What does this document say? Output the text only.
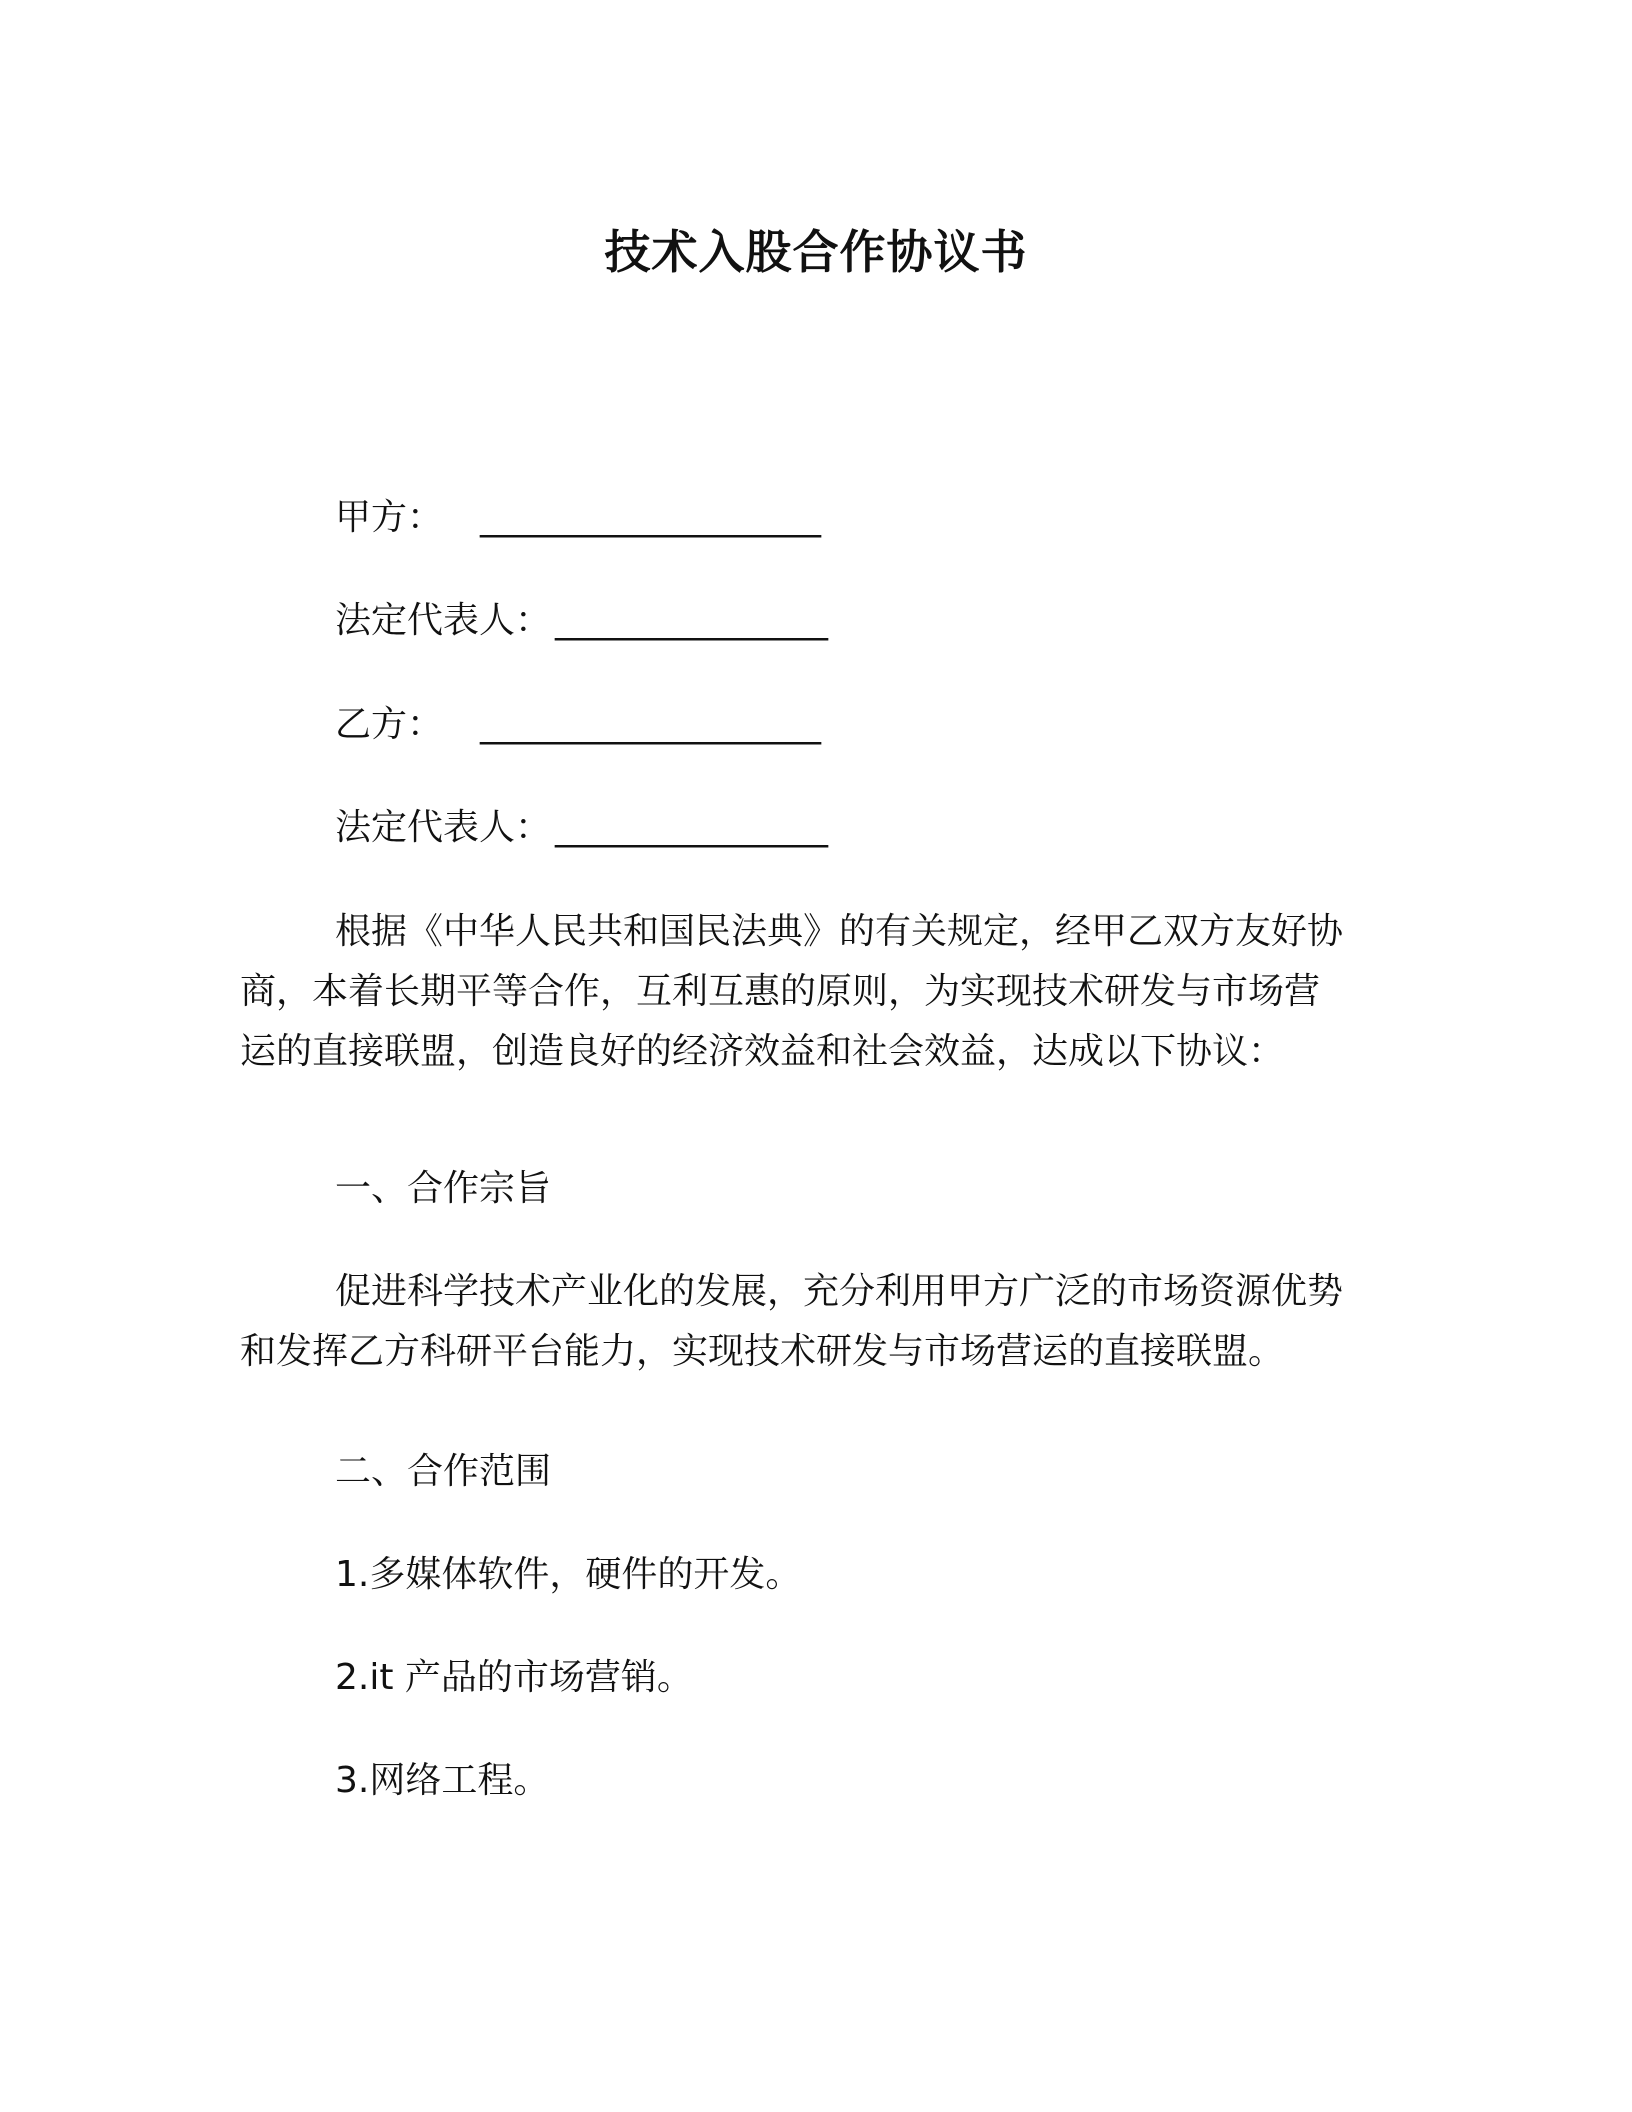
技术入股合作协议书
甲方： ____________________
法定代表人： ________________
乙方： ____________________
法定代表人： ________________

根据《中华人民共和国民法典》的有关规定，经甲乙双方友好协

商，本着长期平等合作，互利互惠的原则，为实现技术研发与市场营

运的直接联盟，创造良好的经济效益和社会效益，达成以下协议：

一、合作宗旨

促进科学技术产业化的发展，充分利用甲方广泛的市场资源优势

和发挥乙方科研平台能力，实现技术研发与市场营运的直接联盟。

二、合作范围
1.多媒体软件，硬件的开发。
2.it 产品的市场营销。
3.网络工程。
